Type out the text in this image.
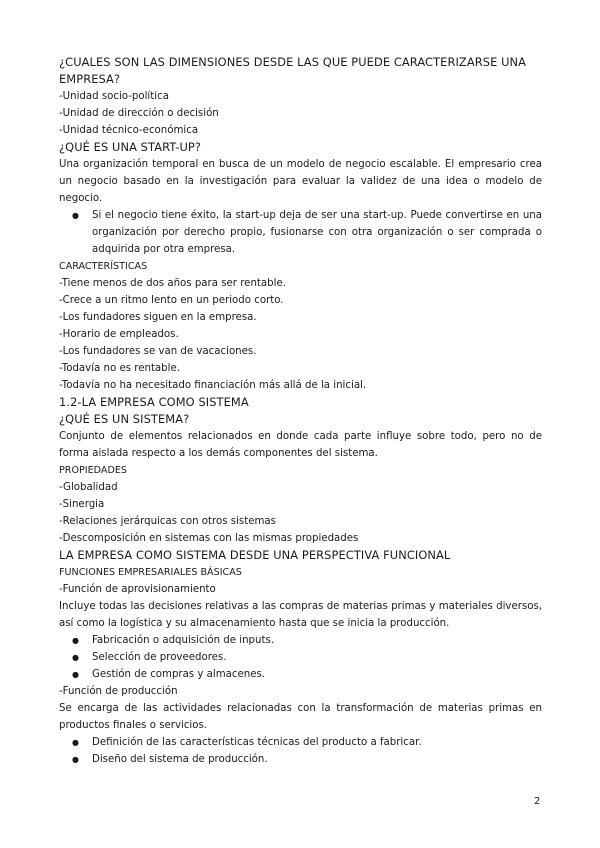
¿CUALES SON LAS DIMENSIONES DESDE LAS QUE PUEDE CARACTERIZARSE UNA EMPRESA?
-Unidad socio-política
-Unidad de dirección o decisión
-Unidad técnico-económica
¿QUÉ ES UNA START-UP?
Una organización temporal en busca de un modelo de negocio escalable. El empresario crea un negocio basado en la investigación para evaluar la validez de una idea o modelo de negocio.
● Si el negocio tiene éxito, la start-up deja de ser una start-up. Puede convertirse en una organización por derecho propio, fusionarse con otra organización o ser comprada o adquirida por otra empresa.
CARACTERÍSTICAS
-Tiene menos de dos años para ser rentable.
-Crece a un ritmo lento en un periodo corto.
-Los fundadores siguen en la empresa.
-Horario de empleados.
-Los fundadores se van de vacaciones.
-Todavía no es rentable.
-Todavía no ha necesitado financiación más allá de la inicial.
1.2-LA EMPRESA COMO SISTEMA
¿QUÉ ES UN SISTEMA?
Conjunto de elementos relacionados en donde cada parte influye sobre todo, pero no de forma aislada respecto a los demás componentes del sistema.
PROPIEDADES
-Globalidad
-Sinergia
-Relaciones jerárquicas con otros sistemas
-Descomposición en sistemas con las mismas propiedades
LA EMPRESA COMO SISTEMA DESDE UNA PERSPECTIVA FUNCIONAL
FUNCIONES EMPRESARIALES BÁSICAS
-Función de aprovisionamiento
Incluye todas las decisiones relativas a las compras de materias primas y materiales diversos, así como la logística y su almacenamiento hasta que se inicia la producción.
● Fabricación o adquisición de inputs.
● Selección de proveedores.
● Gestión de compras y almacenes.
-Función de producción
Se encarga de las actividades relacionadas con la transformación de materias primas en productos finales o servicios.
● Definición de las características técnicas del producto a fabricar.
● Diseño del sistema de producción.
2
